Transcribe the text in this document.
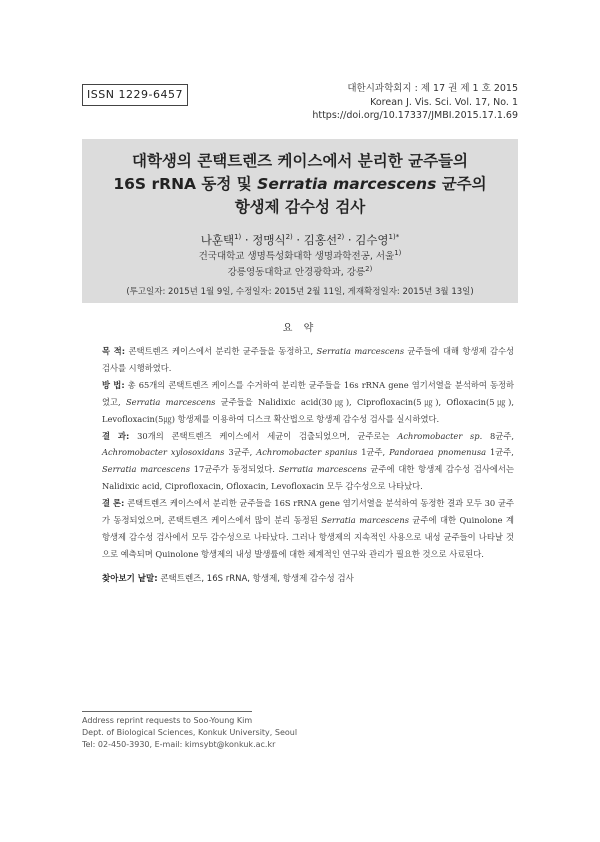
ISSN 1229-6457	대한시과학회지 : 제 17 권 제 1 호 2015
Korean J. Vis. Sci. Vol. 17, No. 1
https://doi.org/10.17337/JMBI.2015.17.1.69
대학생의 콘택트렌즈 케이스에서 분리한 균주들의
16S rRNA 동정 및 Serratia marcescens 균주의
항생제 감수성 검사
나훈택$^{1)}$ · 정맹식$^{2)}$ · 김홍선$^{2)}$ · 김수영$^{1)*}$
건국대학교 생명특성화대학 생명과학전공, 서울$^{1)}$
강릉영동대학교 안경광학과, 강릉$^{2)}$
(투고일자: 2015년 1월 9일, 수정일자: 2015년 2월 11일, 게재확정일자: 2015년 3월 13일)
요 약

목 적: 콘택트렌즈 케이스에서 분리한 균주들을 동정하고, Serratia marcescens 균주들에 대해 항생제 감수성 검사를 시행하였다.

방 법: 총 65개의 콘택트렌즈 케이스를 수거하여 분리한 균주들을 16s rRNA gene 염기서열을 분석하여 동정하였고, Serratia marcescens 균주들을 Nalidixic acid(30㎍), Ciprofloxacin(5㎍), Ofloxacin(5㎍), Levofloxacin(5㎍) 항생제를 이용하여 디스크 확산법으로 항생제 감수성 검사를 실시하였다.

결 과: 30개의 콘택트렌즈 케이스에서 세균이 검출되었으며, 균주로는 Achromobacter sp. 8균주, Achromobacter xylosoxidans 3균주, Achromobacter spanius 1균주, Pandoraea pnomenusa 1균주, Serratia marcescens 17균주가 동정되었다. Serratia marcescens 균주에 대한 항생제 감수성 검사에서는 Nalidixic acid, Ciprofloxacin, Ofloxacin, Levofloxacin 모두 감수성으로 나타났다.

결 론: 콘택트렌즈 케이스에서 분리한 균주들을 16S rRNA gene 염기서열을 분석하여 동정한 결과 모두 30 균주가 동정되었으며, 콘택트렌즈 케이스에서 많이 분리 동정된 Serratia marcescens 균주에 대한 Quinolone 계 항생제 감수성 검사에서 모두 감수성으로 나타났다. 그러나 항생제의 지속적인 사용으로 내성 균주들이 나타날 것으로 예측되며 Quinolone 항생제의 내성 발생률에 대한 체계적인 연구와 관리가 필요한 것으로 사료된다.

찾아보기 낱말: 콘택트렌즈, 16S rRNA, 항생제, 항생제 감수성 검사
Address reprint requests to Soo-Young Kim
Dept. of Biological Sciences, Konkuk University, Seoul
Tel: 02-450-3930, E-mail: kimsybt@konkuk.ac.kr
